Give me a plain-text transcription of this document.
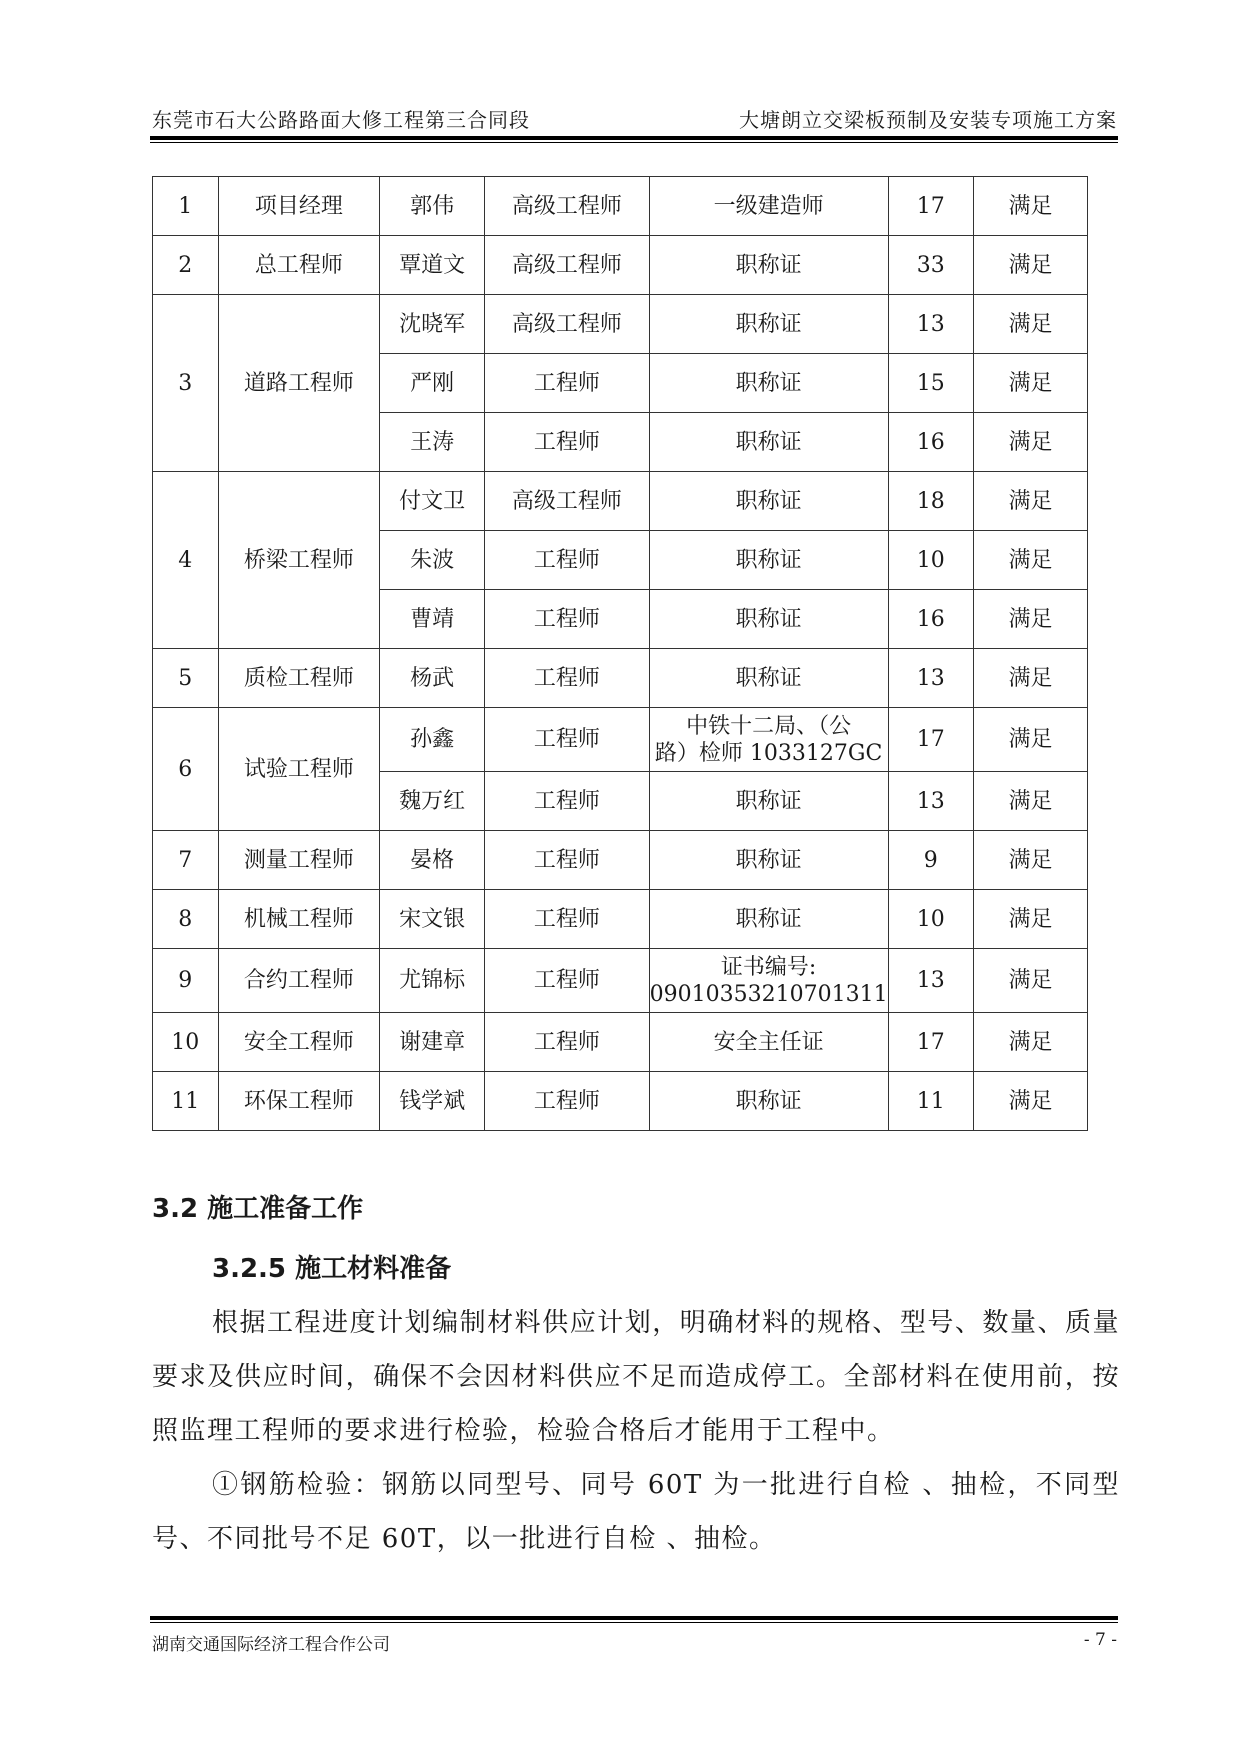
东莞市石大公路路面大修工程第三合同段	大塘朗立交梁板预制及安装专项施工方案
1	项目经理	郭伟	高级工程师	一级建造师	17	满足
2	总工程师	覃道文	高级工程师	职称证	33	满足
3	道路工程师	沈晓军	高级工程师	职称证	13	满足
		严刚	工程师	职称证	15	满足
		王涛	工程师	职称证	16	满足
4	桥梁工程师	付文卫	高级工程师	职称证	18	满足
		朱波	工程师	职称证	10	满足
		曹靖	工程师	职称证	16	满足
5	质检工程师	杨武	工程师	职称证	13	满足
6	试验工程师	孙鑫	工程师	中铁十二局、（公
路）检师 1033127GC	17	满足
		魏万红	工程师	职称证	13	满足
7	测量工程师	晏格	工程师	职称证	9	满足
8	机械工程师	宋文银	工程师	职称证	10	满足
9	合约工程师	尤锦标	工程师	证书编号:
09010353210701311	13	满足
10	安全工程师	谢建章	工程师	安全主任证	17	满足
11	环保工程师	钱学斌	工程师	职称证	11	满足
3.2 施工准备工作
3.2.5 施工材料准备

根据工程进度计划编制材料供应计划，明确材料的规格、型号、数量、质量要求及供应时间，确保不会因材料供应不足而造成停工。全部材料在使用前，按照监理工程师的要求进行检验，检验合格后才能用于工程中。

①钢筋检验：钢筋以同型号、同号 60T 为一批进行自检 、抽检，不同型号、不同批号不足 60T，以一批进行自检 、抽检。

湖南交通国际经济工程合作公司	- 7 -
